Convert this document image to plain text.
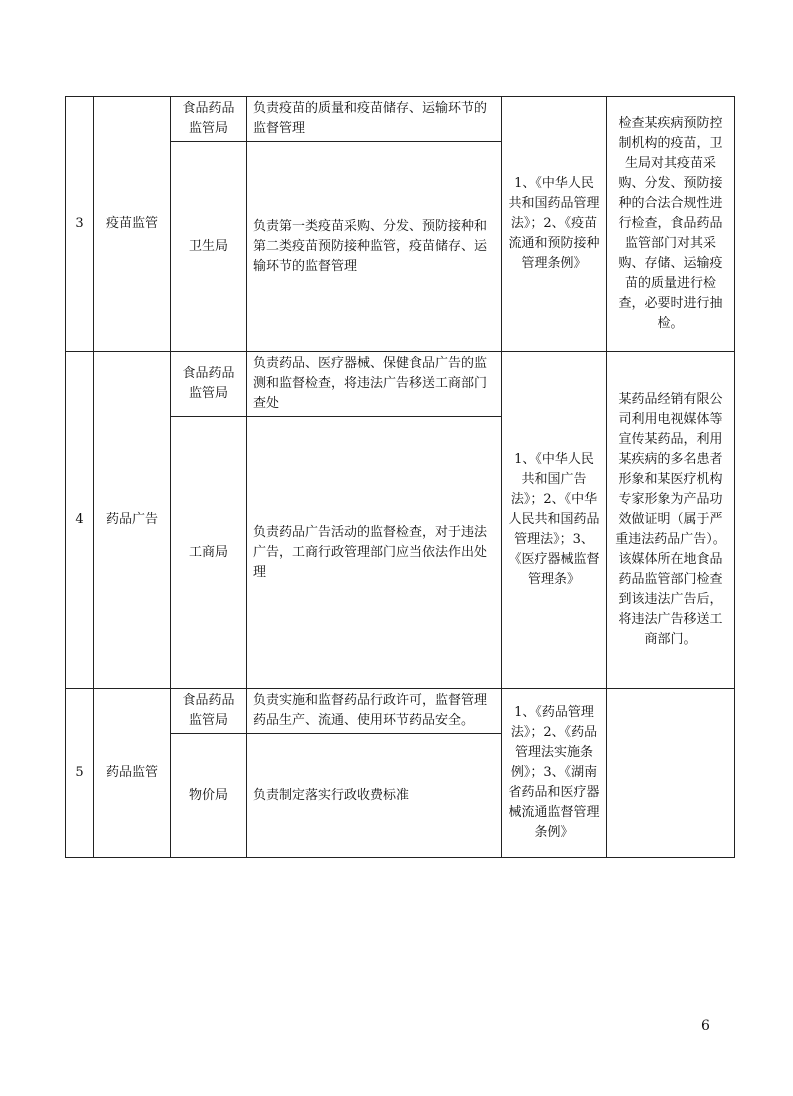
3	疫苗监管	食品药品监管局	负责疫苗的质量和疫苗储存、运输环节的监督管理	1、《中华人民共和国药品管理法》；2、《疫苗流通和预防接种管理条例》	检查某疾病预防控制机构的疫苗，卫生局对其疫苗采购、分发、预防接种的合法合规性进行检查，食品药品监管部门对其采购、存储、运输疫苗的质量进行检查，必要时进行抽检。
		卫生局	负责第一类疫苗采购、分发、预防接种和第二类疫苗预防接种监管，疫苗储存、运输环节的监督管理		
4	药品广告	食品药品监管局	负责药品、医疗器械、保健食品广告的监测和监督检查，将违法广告移送工商部门查处	1、《中华人民共和国广告法》；2、《中华人民共和国药品管理法》；3、《医疗器械监督管理条》	某药品经销有限公司利用电视媒体等宣传某药品，利用某疾病的多名患者形象和某医疗机构专家形象为产品功效做证明（属于严重违法药品广告）。该媒体所在地食品药品监管部门检查到该违法广告后，将违法广告移送工商部门。
		工商局	负责药品广告活动的监督检查，对于违法广告，工商行政管理部门应当依法作出处理		
5	药品监管	食品药品监管局	负责实施和监督药品行政许可，监督管理药品生产、流通、使用环节药品安全。	1、《药品管理法》；2、《药品管理法实施条例》；3、《湖南省药品和医疗器械流通监督管理条例》	
		物价局	负责制定落实行政收费标准		
6
